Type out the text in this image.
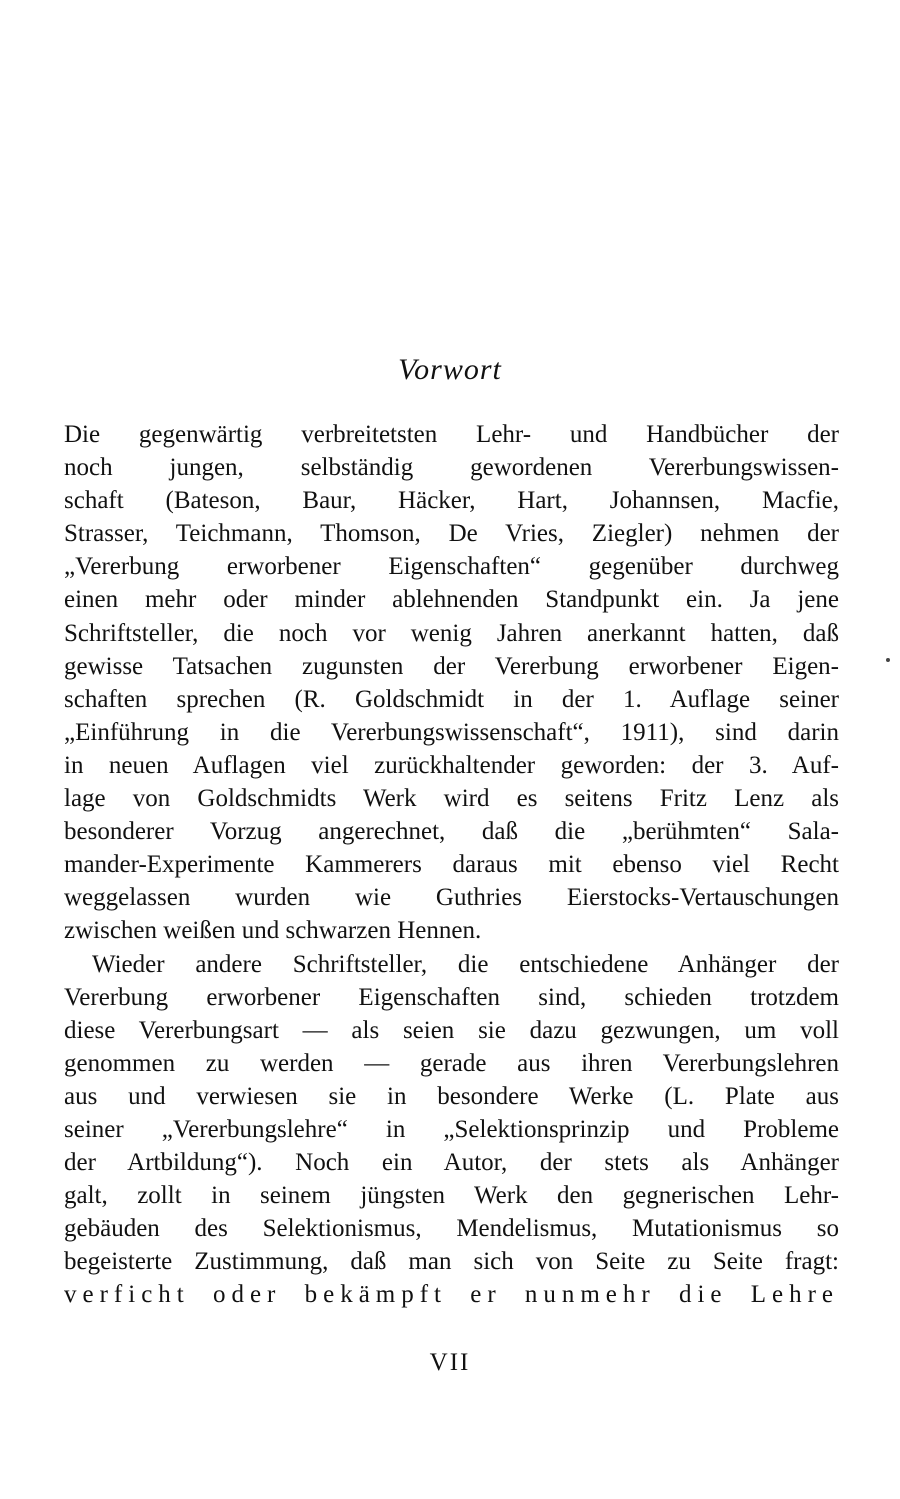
Vorwort
Die gegenwärtig verbreitetsten Lehr- und Handbücher der
noch jungen, selbständig gewordenen Vererbungswissen-
schaft (Bateson, Baur, Häcker, Hart, Johannsen, Macfie,
Strasser, Teichmann, Thomson, De Vries, Ziegler) nehmen der
„Vererbung erworbener Eigenschaften“ gegenüber durchweg
einen mehr oder minder ablehnenden Standpunkt ein. Ja jene
Schriftsteller, die noch vor wenig Jahren anerkannt hatten, daß
gewisse Tatsachen zugunsten der Vererbung erworbener Eigen-
schaften sprechen (R. Goldschmidt in der 1. Auflage seiner
„Einführung in die Vererbungswissenschaft“, 1911), sind darin
in neuen Auflagen viel zurückhaltender geworden: der 3. Auf-
lage von Goldschmidts Werk wird es seitens Fritz Lenz als
besonderer Vorzug angerechnet, daß die „berühmten“ Sala-
mander-Experimente Kammerers daraus mit ebenso viel Recht
weggelassen wurden wie Guthries Eierstocks-Vertauschungen
zwischen weißen und schwarzen Hennen.
Wieder andere Schriftsteller, die entschiedene Anhänger der
Vererbung erworbener Eigenschaften sind, schieden trotzdem
diese Vererbungsart — als seien sie dazu gezwungen, um voll
genommen zu werden — gerade aus ihren Vererbungslehren
aus und verwiesen sie in besondere Werke (L. Plate aus
seiner „Vererbungslehre“ in „Selektionsprinzip und Probleme
der Artbildung“). Noch ein Autor, der stets als Anhänger
galt, zollt in seinem jüngsten Werk den gegnerischen Lehr-
gebäuden des Selektionismus, Mendelismus, Mutationismus so
begeisterte Zustimmung, daß man sich von Seite zu Seite fragt:
verficht oder bekämpft er nunmehr die Lehre
VII
